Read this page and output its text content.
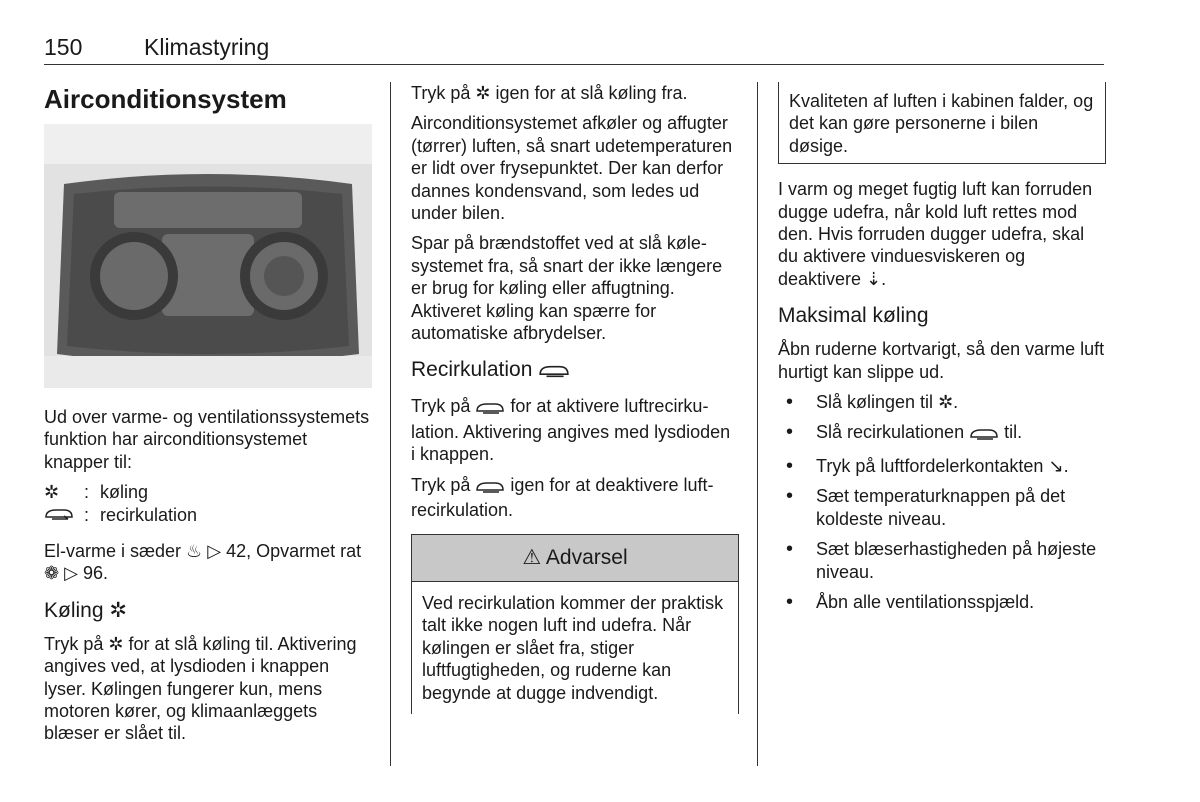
150	Klimastyring
Airconditionsystem

Ud over varme- og ventilationssystemets funktion har airconditionsystemet knapper til:

✲	: køling
: recirkulation

El-varme i sæder ♨ ▷ 42, Opvarmet rat ❁ ▷ 96.

Køling ✲

Tryk på ✲ for at slå køling til. Aktivering angives ved, at lysdioden i knappen lyser. Kølingen fungerer kun, mens motoren kører, og klimaanlæggets blæser er slået til.

Tryk på ✲ igen for at slå køling fra.

Airconditionsystemet afkøler og affugter (tørrer) luften, så snart udetemperaturen er lidt over frysepunktet. Der kan derfor dannes kondensvand, som ledes ud under bilen.

Spar på brændstoffet ved at slå kølesystemet fra, så snart der ikke længere er brug for køling eller affugtning. Aktiveret køling kan spærre for automatiske afbrydelser.

Recirkulation

Tryk på for at aktivere luftrecirkulation. Aktivering angives med lysdioden i knappen.

Tryk på igen for at deaktivere luftrecirkulation.

⚠ Advarsel
Ved recirkulation kommer der praktisk talt ikke nogen luft ind udefra. Når kølingen er slået fra, stiger luftfugtigheden, og ruderne kan begynde at dugge indvendigt.
Kvaliteten af luften i kabinen falder, og det kan gøre personerne i bilen døsige.

I varm og meget fugtig luft kan forruden dugge udefra, når kold luft rettes mod den. Hvis forruden dugger udefra, skal du aktivere vinduesviskeren og deaktivere ⇣.

Maksimal køling

Åbn ruderne kortvarigt, så den varme luft hurtigt kan slippe ud.

• Slå kølingen til ✲.
• Slå recirkulationen til.
• Tryk på luftfordelerkontakten ↘.
• Sæt temperaturknappen på det koldeste niveau.
• Sæt blæserhastigheden på højeste niveau.
• Åbn alle ventilationsspjæld.
